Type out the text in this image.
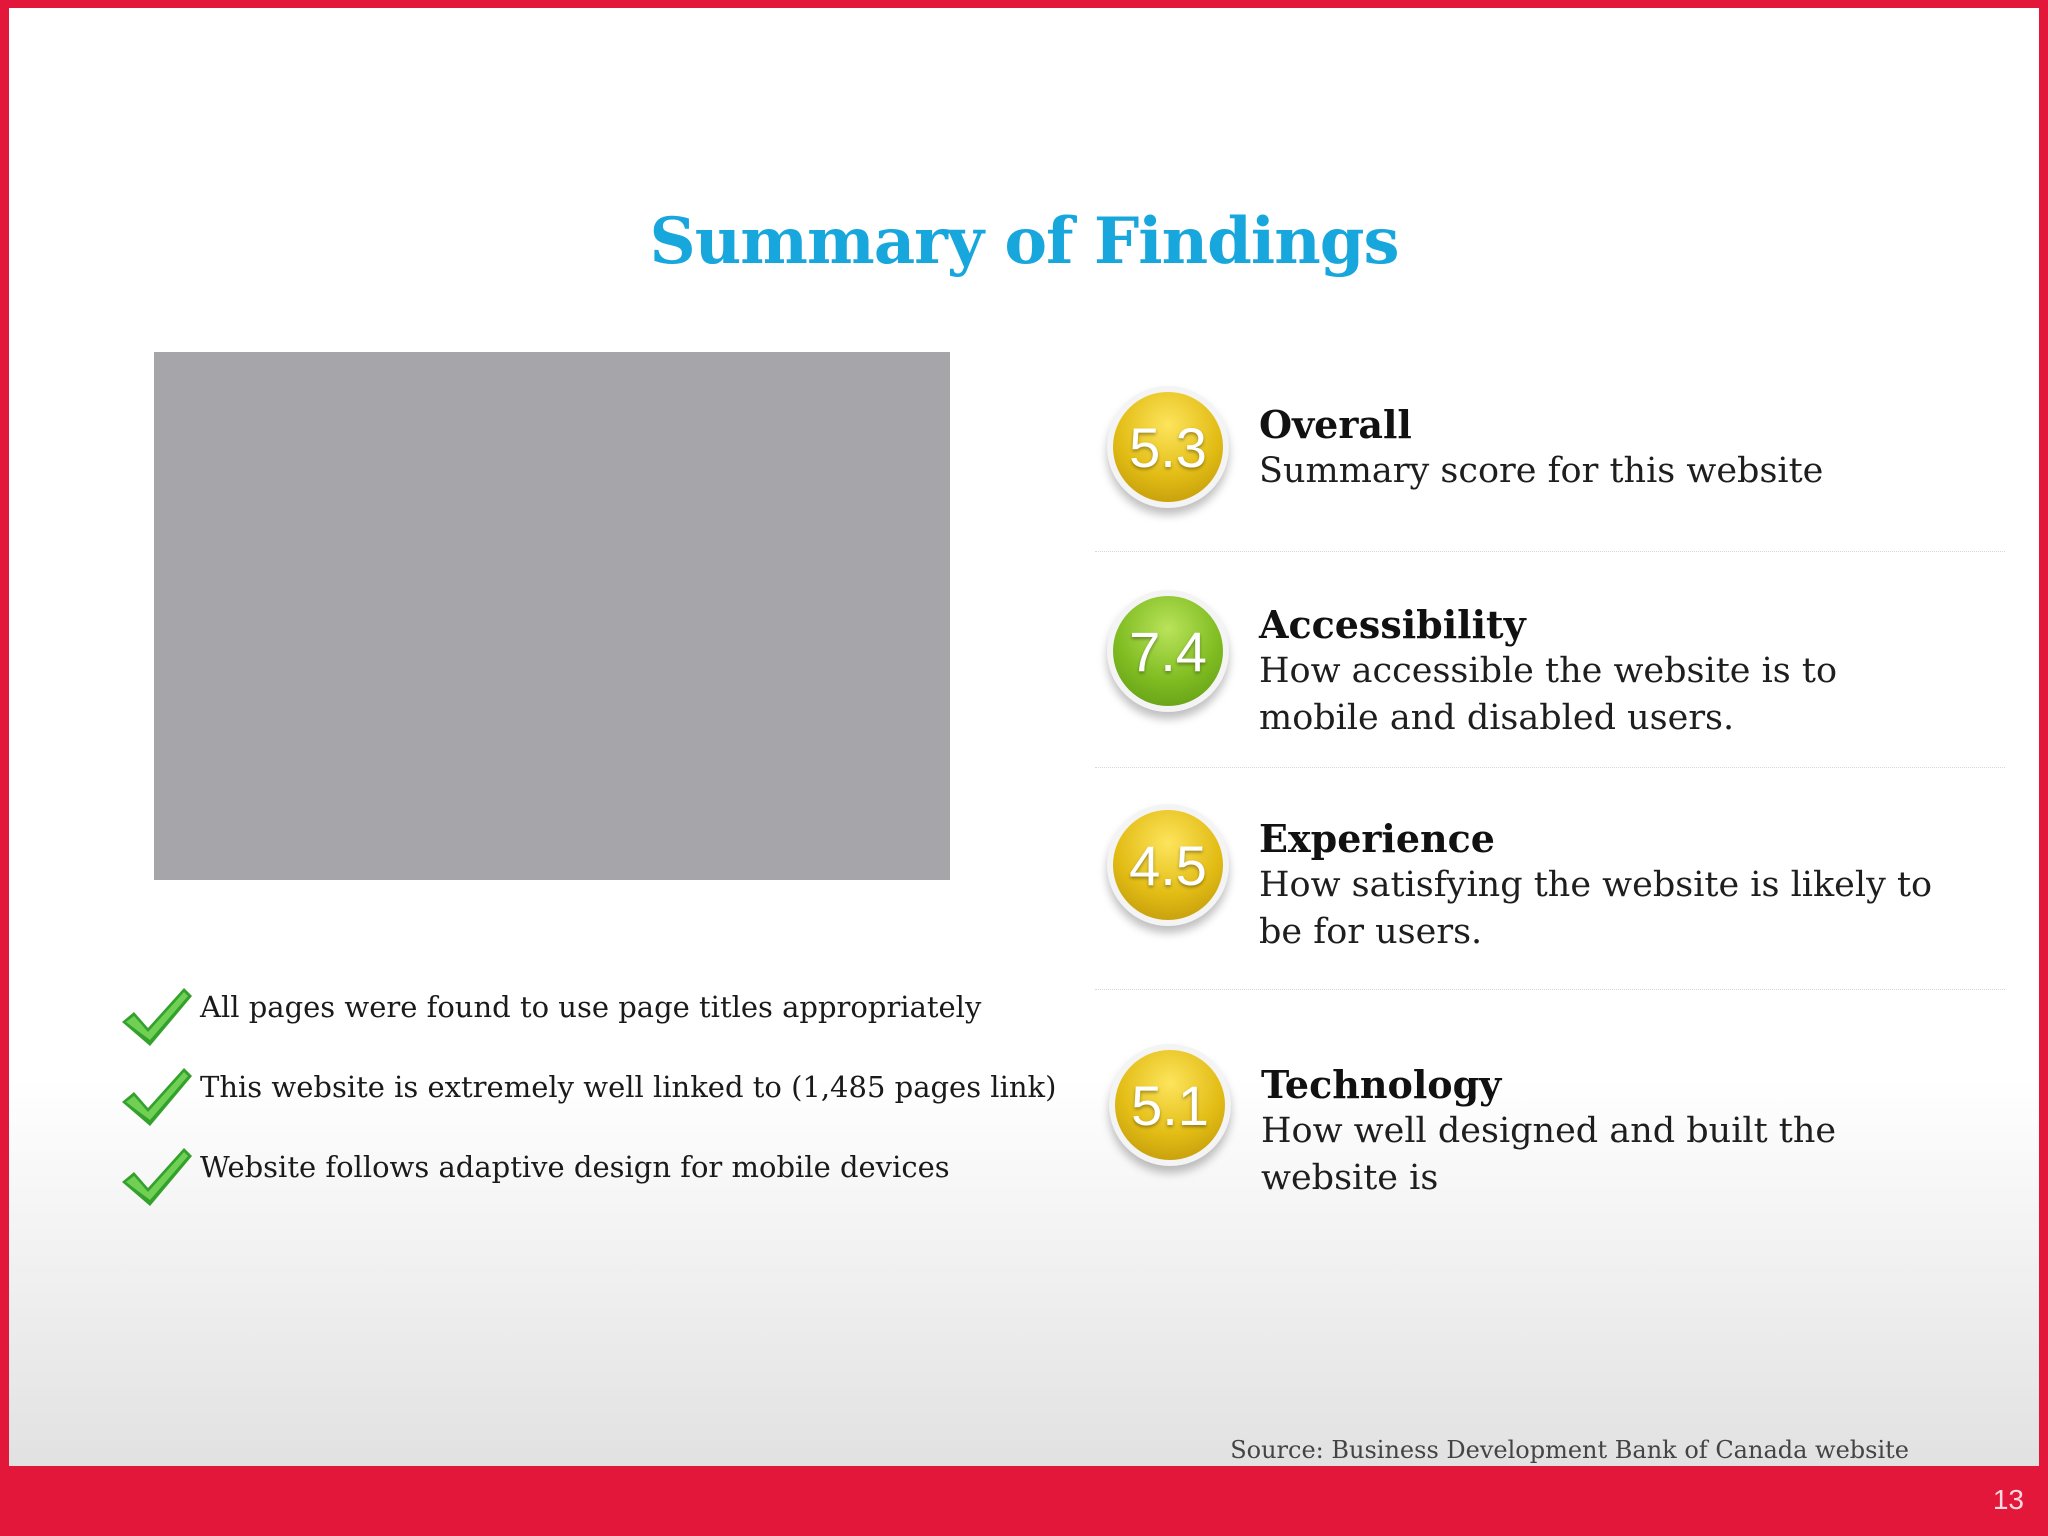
Summary of Findings
All pages were found to use page titles appropriately
This website is extremely well linked to (1,485 pages link)
Website follows adaptive design for mobile devices
5.3	Overall
Summary score for this website
7.4	Accessibility
How accessible the website is to mobile and disabled users.
4.5	Experience
How satisfying the website is likely to be for users.
5.1	Technology
How well designed and built the website is
Source: Business Development Bank of Canada website
13
